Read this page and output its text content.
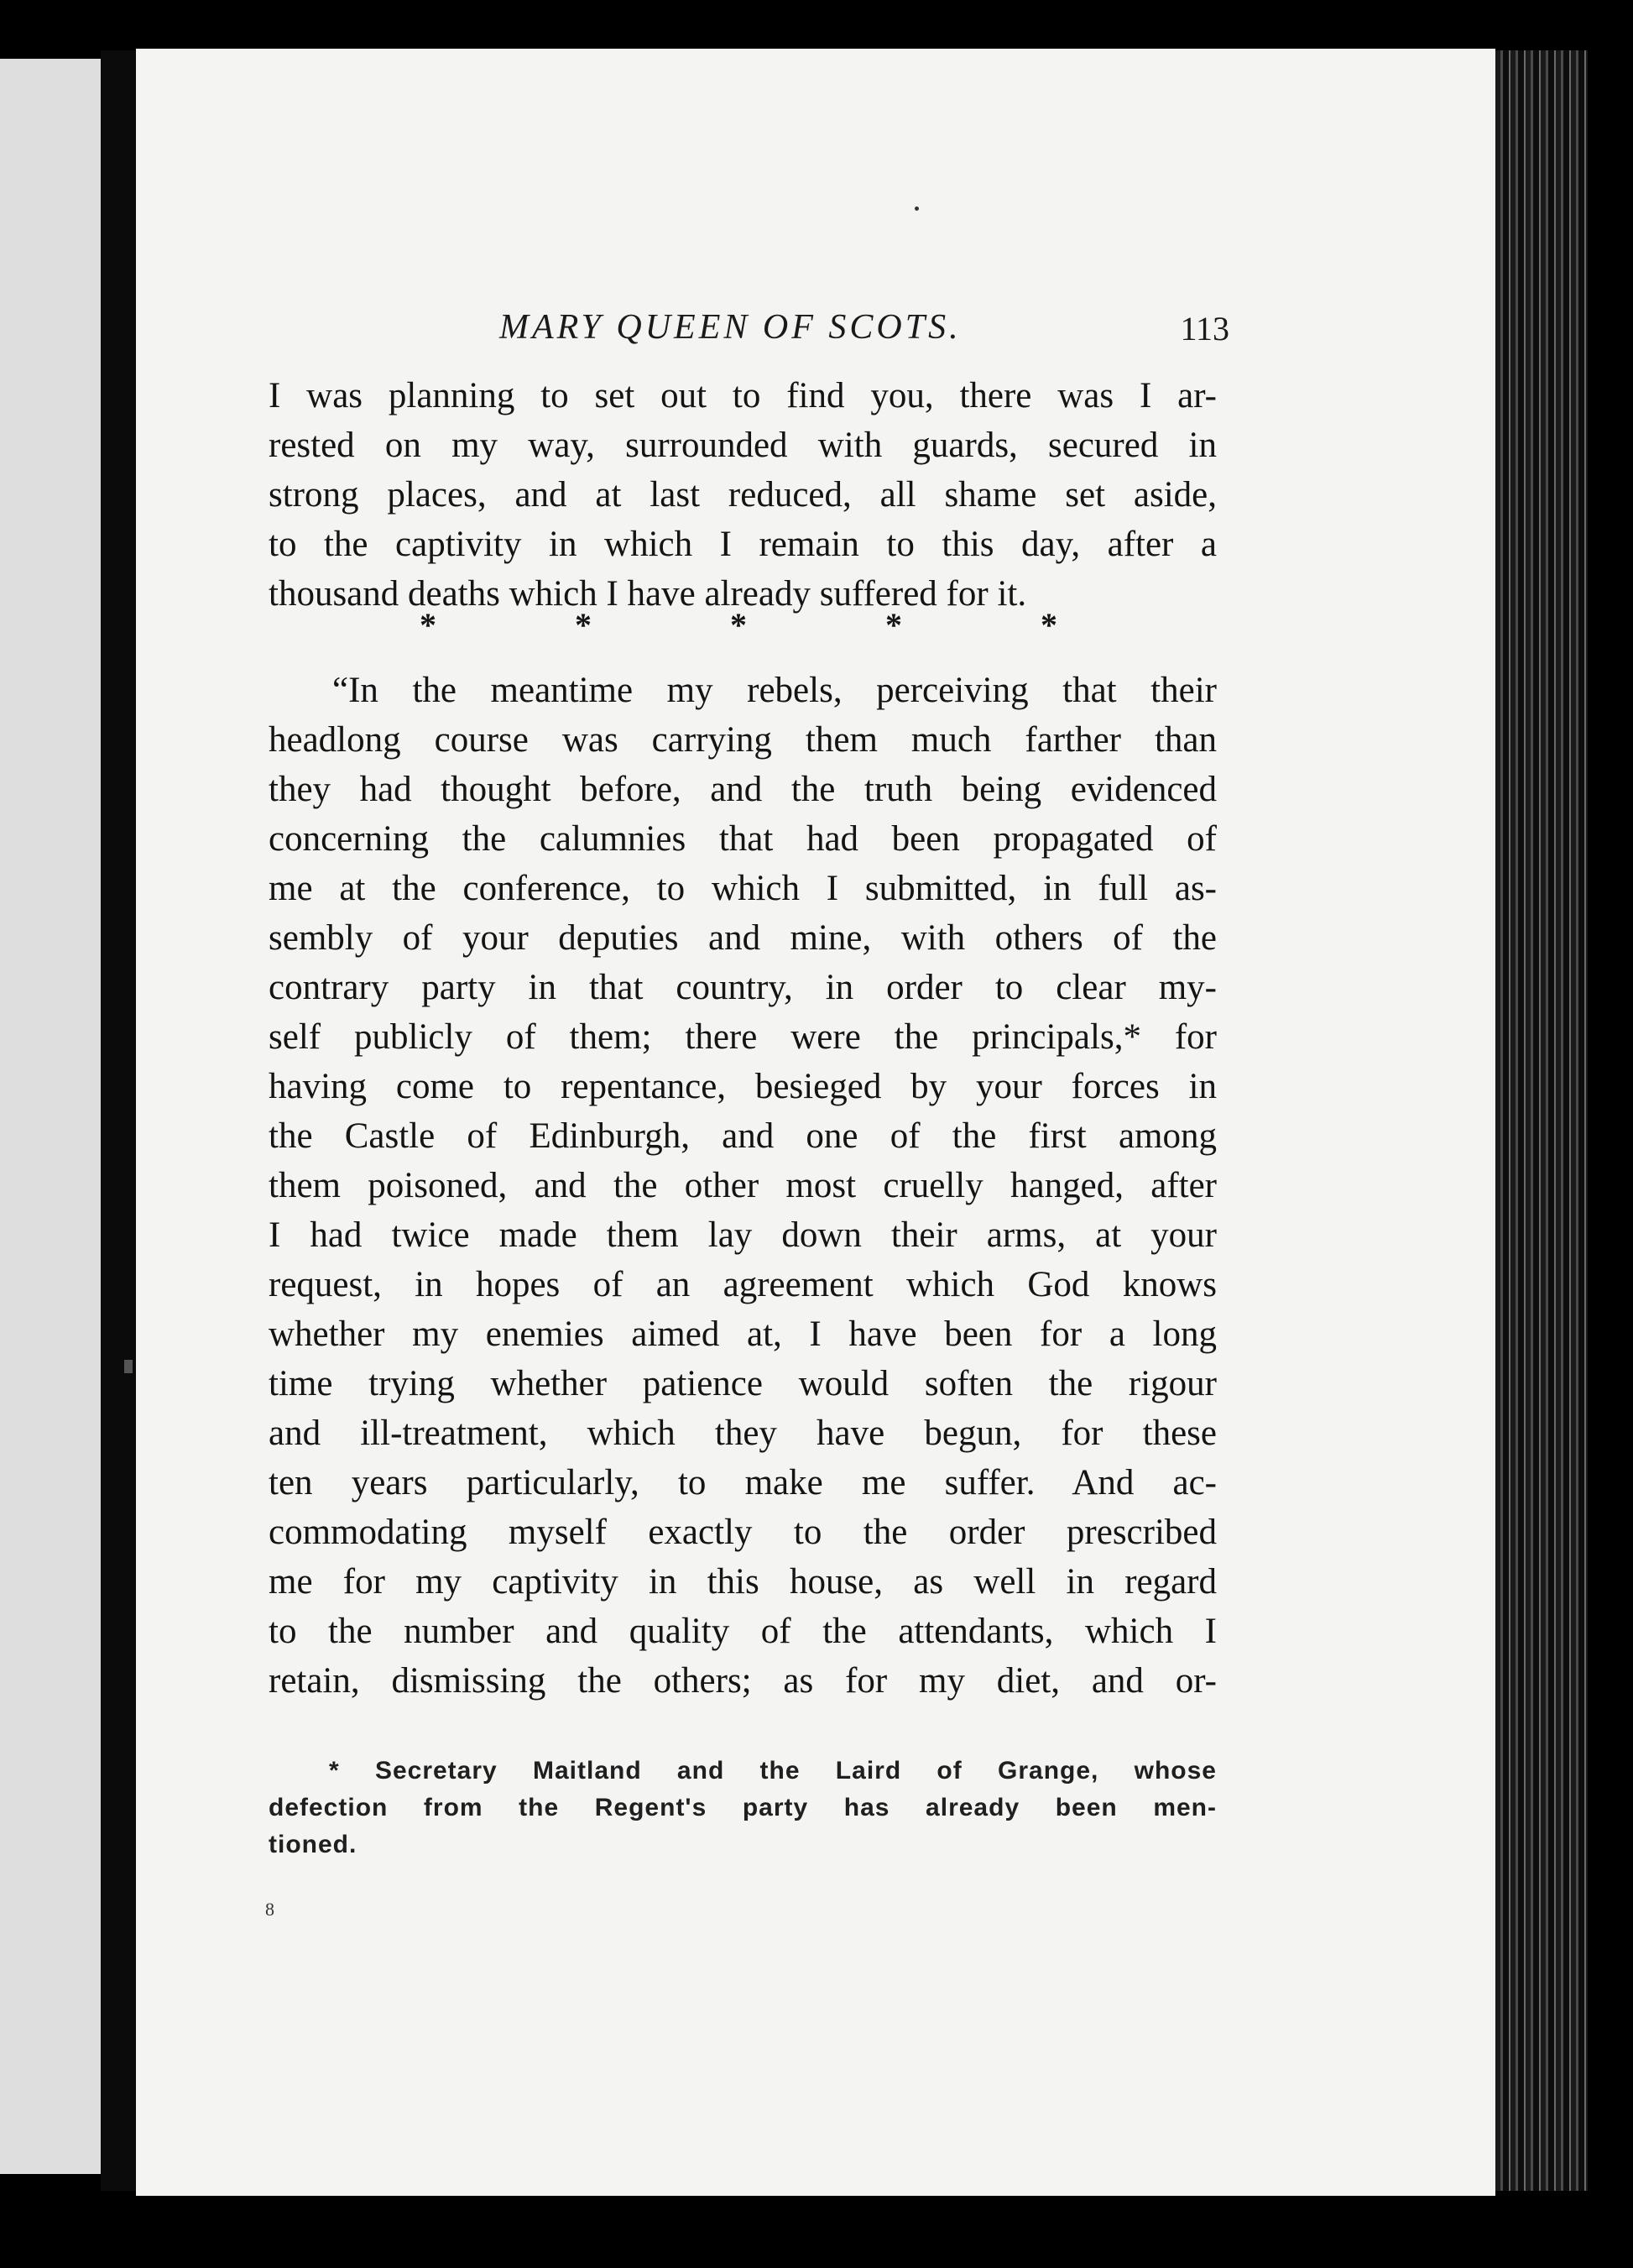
MARY QUEEN OF SCOTS.	113
I was planning to set out to find you, there was I ar-
rested on my way, surrounded with guards, secured in
strong places, and at last reduced, all shame set aside,
to the captivity in which I remain to this day, after a
thousand deaths which I have already suffered for it.
*	*	*	*	*
“In the meantime my rebels, perceiving that their
headlong course was carrying them much farther than
they had thought before, and the truth being evidenced
concerning the calumnies that had been propagated of
me at the conference, to which I submitted, in full as-
sembly of your deputies and mine, with others of the
contrary party in that country, in order to clear my-
self publicly of them; there were the principals,* for
having come to repentance, besieged by your forces in
the Castle of Edinburgh, and one of the first among
them poisoned, and the other most cruelly hanged, after
I had twice made them lay down their arms, at your
request, in hopes of an agreement which God knows
whether my enemies aimed at, I have been for a long
time trying whether patience would soften the rigour
and ill-treatment, which they have begun, for these
ten years particularly, to make me suffer. And ac-
commodating myself exactly to the order prescribed
me for my captivity in this house, as well in regard
to the number and quality of the attendants, which I
retain, dismissing the others; as for my diet, and or-
* Secretary Maitland and the Laird of Grange, whose
defection from the Regent's party has already been men-
tioned.
8
